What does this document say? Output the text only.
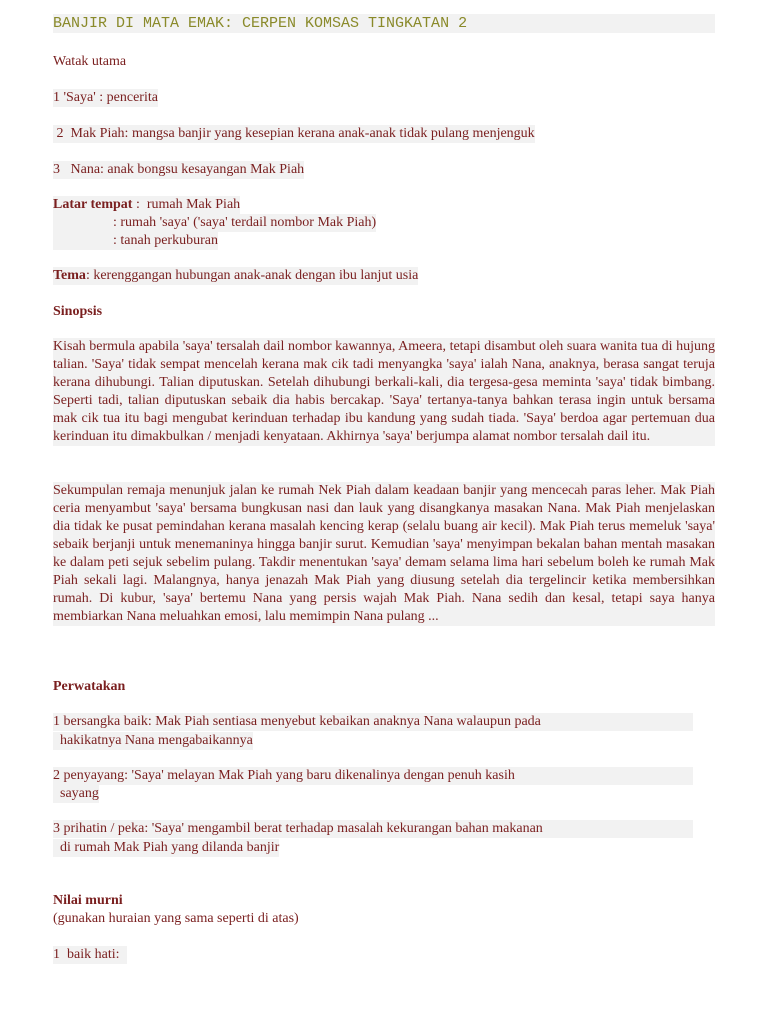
BANJIR DI MATA EMAK: CERPEN KOMSAS TINGKATAN 2
Watak utama
1 'Saya' : pencerita
2  Mak Piah: mangsa banjir yang kesepian kerana anak-anak tidak pulang menjenguk
3   Nana: anak bongsu kesayangan Mak Piah
Latar tempat :  rumah Mak Piah
: rumah 'saya' ('saya' terdail nombor Mak Piah)
: tanah perkuburan
Tema: kerenggangan hubungan anak-anak dengan ibu lanjut usia
Sinopsis
Kisah bermula apabila 'saya' tersalah dail nombor kawannya, Ameera, tetapi disambut oleh suara wanita tua di hujung talian. 'Saya' tidak sempat mencelah kerana mak cik tadi menyangka 'saya' ialah Nana, anaknya, berasa sangat teruja kerana dihubungi. Talian diputuskan. Setelah dihubungi berkali-kali, dia tergesa-gesa meminta 'saya' tidak bimbang. Seperti tadi, talian diputuskan sebaik dia habis bercakap. 'Saya' tertanya-tanya bahkan terasa ingin untuk bersama mak cik tua itu bagi mengubat kerinduan terhadap ibu kandung yang sudah tiada. 'Saya' berdoa agar pertemuan dua kerinduan itu dimakbulkan / menjadi kenyataan. Akhirnya 'saya' berjumpa alamat nombor tersalah dail itu.
Sekumpulan remaja menunjuk jalan ke rumah Nek Piah dalam keadaan banjir yang mencecah paras leher. Mak Piah ceria menyambut 'saya' bersama bungkusan nasi dan lauk yang disangkanya masakan Nana. Mak Piah menjelaskan dia tidak ke pusat pemindahan kerana masalah kencing kerap (selalu buang air kecil). Mak Piah terus memeluk 'saya' sebaik berjanji untuk menemaninya hingga banjir surut. Kemudian 'saya' menyimpan bekalan bahan mentah masakan ke dalam peti sejuk sebelim pulang. Takdir menentukan 'saya' demam selama lima hari sebelum boleh ke rumah Mak Piah sekali lagi. Malangnya, hanya jenazah Mak Piah yang diusung setelah dia tergelincir ketika membersihkan rumah. Di kubur, 'saya' bertemu Nana yang persis wajah Mak Piah. Nana sedih dan kesal, tetapi saya hanya membiarkan Nana meluahkan emosi, lalu memimpin Nana pulang ...
Perwatakan
1 bersangka baik: Mak Piah sentiasa menyebut kebaikan anaknya Nana walaupun pada
hakikatnya Nana mengabaikannya
2 penyayang: 'Saya' melayan Mak Piah yang baru dikenalinya dengan penuh kasih
sayang
3 prihatin / peka: 'Saya' mengambil berat terhadap masalah kekurangan bahan makanan
di rumah Mak Piah yang dilanda banjir
Nilai murni
(gunakan huraian yang sama seperti di atas)
1  baik hati:
